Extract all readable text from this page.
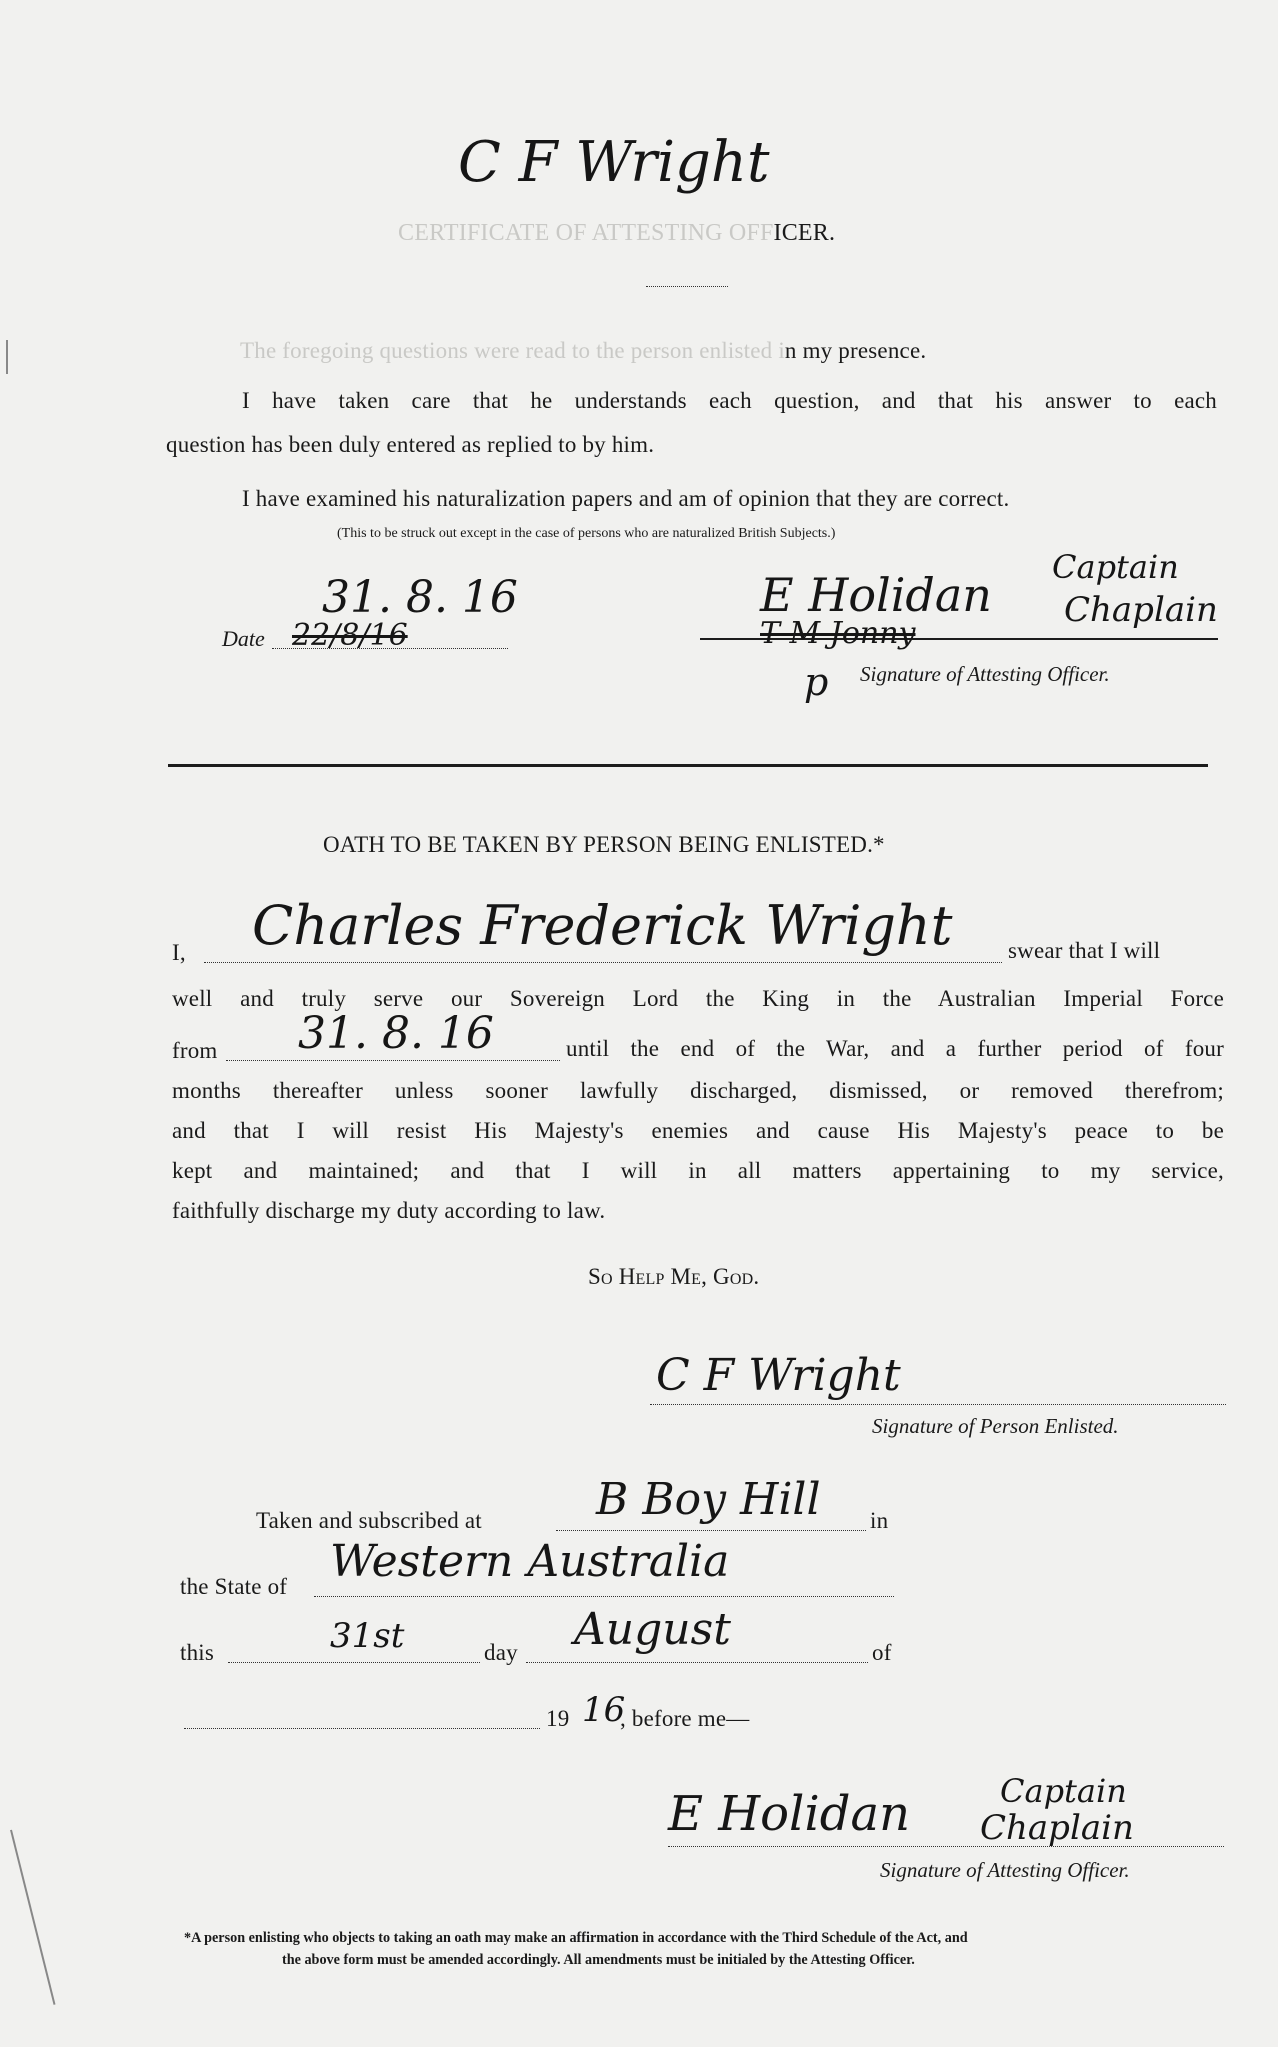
C F Wright
CERTIFICATE OF ATTESTING OFFICER.
The foregoing questions were read to the person enlisted in my presence.
I have taken care that he understands each question, and that his answer to each
question has been duly entered as replied to by him.
I have examined his naturalization papers and am of opinion that they are correct.
(This to be struck out except in the case of persons who are naturalized British Subjects.)
Date 22/8/16
31. 8. 16	E Holidan
Captain
Chaplain
T M Jonny
p Signature of Attesting Officer.
OATH TO BE TAKEN BY PERSON BEING ENLISTED.*
I, Charles Frederick Wright swear that I will
well and truly serve our Sovereign Lord the King in the Australian Imperial Force
from 31. 8. 16	until the end of the War, and a further period of four
months thereafter unless sooner lawfully discharged, dismissed, or removed therefrom;
and that I will resist His Majesty's enemies and cause His Majesty's peace to be
kept and maintained; and that I will in all matters appertaining to my service,
faithfully discharge my duty according to law.
So Help Me, God.
C F Wright
Signature of Person Enlisted.
Taken and subscribed at	B Boy Hill in
the State of Western Australia
this	31st	day August	of
19 16
, before me—
E Holidan	Captain
Chaplain
Signature of Attesting Officer.
*A person enlisting who objects to taking an oath may make an affirmation in accordance with the Third Schedule of the Act, and
the above form must be amended accordingly. All amendments must be initialed by the Attesting Officer.
